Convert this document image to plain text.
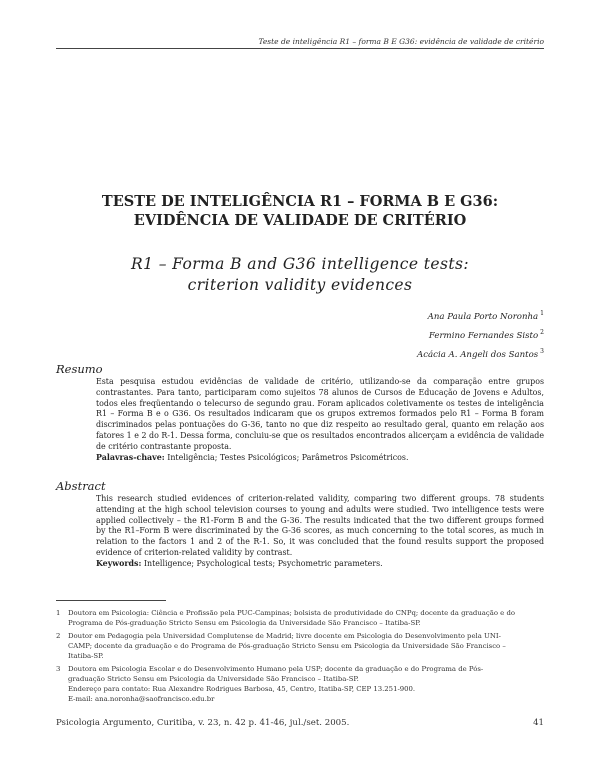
Teste de inteligência R1 – forma B E G36: evidência de validade de critério
TESTE DE INTELIGÊNCIA R1 – FORMA B E G36:
EVIDÊNCIA DE VALIDADE DE CRITÉRIO
R1 – Forma B and G36 intelligence tests:
criterion validity evidences
Ana Paula Porto Noronha $^1$
Fermino Fernandes Sisto $^2$
Acácia A. Angeli dos Santos $^3$
Resumo

Esta pesquisa estudou evidências de validade de critério, utilizando-se da comparação entre grupos contrastantes. Para tanto, participaram como sujeitos 78 alunos de Cursos de Educação de Jovens e Adultos, todos eles freqüentando o telecurso de segundo grau. Foram aplicados coletivamente os testes de inteligência R1 – Forma B e o G36. Os resultados indicaram que os grupos extremos formados pelo R1 – Forma B foram discriminados pelas pontuações do G-36, tanto no que diz respeito ao resultado geral, quanto em relação aos fatores 1 e 2 do R-1. Dessa forma, concluiu-se que os resultados encontrados alicerçam a evidência de validade de critério contrastante proposta.

Palavras-chave: Inteligência; Testes Psicológicos; Parâmetros Psicométricos.

Abstract

This research studied evidences of criterion-related validity, comparing two different groups. 78 students attending at the high school television courses to young and adults were studied. Two intelligence tests were applied collectively – the R1-Form B and the G-36. The results indicated that the two different groups formed by the R1–Form B were discriminated by the G-36 scores, as much concerning to the total scores, as much in relation to the factors 1 and 2 of the R-1. So, it was concluded that the found results support the proposed evidence of criterion-related validity by contrast.

Keywords: Intelligence; Psychological tests; Psychometric parameters.

1	Doutora em Psicologia: Ciência e Profissão pela PUC-Campinas; bolsista de produtividade do CNPq; docente da graduação e do
Programa de Pós-graduação Stricto Sensu em Psicologia da Universidade São Francisco – Itatiba-SP.
2	Doutor em Pedagogia pela Universidad Complutense de Madrid; livre docente em Psicologia do Desenvolvimento pela UNI-
CAMP; docente da graduação e do Programa de Pós-graduação Stricto Sensu em Psicologia da Universidade São Francisco –
Itatiba-SP.
3	Doutora em Psicologia Escolar e do Desenvolvimento Humano pela USP; docente da graduação e do Programa de Pós-
graduação Stricto Sensu em Psicologia da Universidade São Francisco – Itatiba-SP.
Endereço para contato: Rua Alexandre Rodrigues Barbosa, 45, Centro, Itatiba-SP, CEP 13.251-900.
E-mail: ana.noronha@saofrancisco.edu.br
Psicologia Argumento, Curitiba, v. 23, n. 42 p. 41-46, jul./set. 2005.	41
